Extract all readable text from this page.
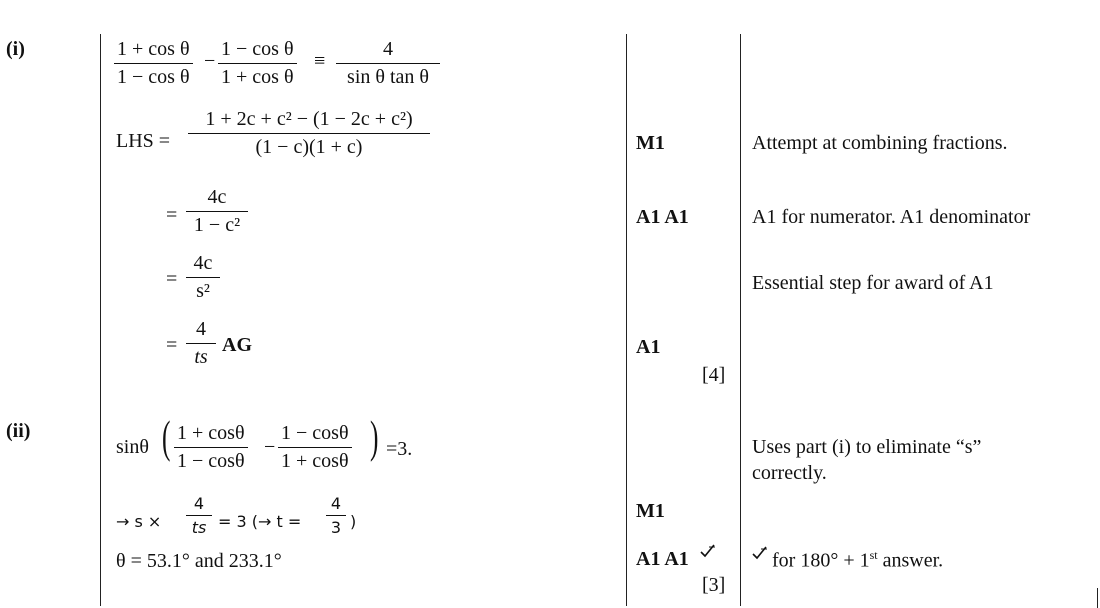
(i)
(ii)
$\frac{\text{1 + cos θ}}{\text{1 − cos θ}} - \frac{\text{1 − cos θ}}{\text{1 + cos θ}} \equiv \frac{4}{\text{sin θ tan θ}}$
LHS = $\frac{\text{1 + 2c + c² − (1 − 2c + c²)}}{(1 - c)(1 + c)}$
= $\frac{4c}{\text{1 − c²}}$
= $\frac{4c}{\text{s²}}$
= $\frac{4}{ts}$ AG
M1
A1 A1
A1
[4]
Attempt at combining fractions.
A1 for numerator. A1 denominator
Essential step for award of A1
sinθ ( $\frac{1 + \cos\theta}{1 - \cos\theta} - \frac{1 - \cos\theta}{1 + \cos\theta}$ ) =3.
→ $s \times \frac{4}{ts} = 3$ (→ $t = \frac{4}{3}$ )
θ = 53.1° and 233.1°
M1
A1 A1
[3]
Uses part (i) to eliminate “s”
correctly.
for 180° + 1st answer.
